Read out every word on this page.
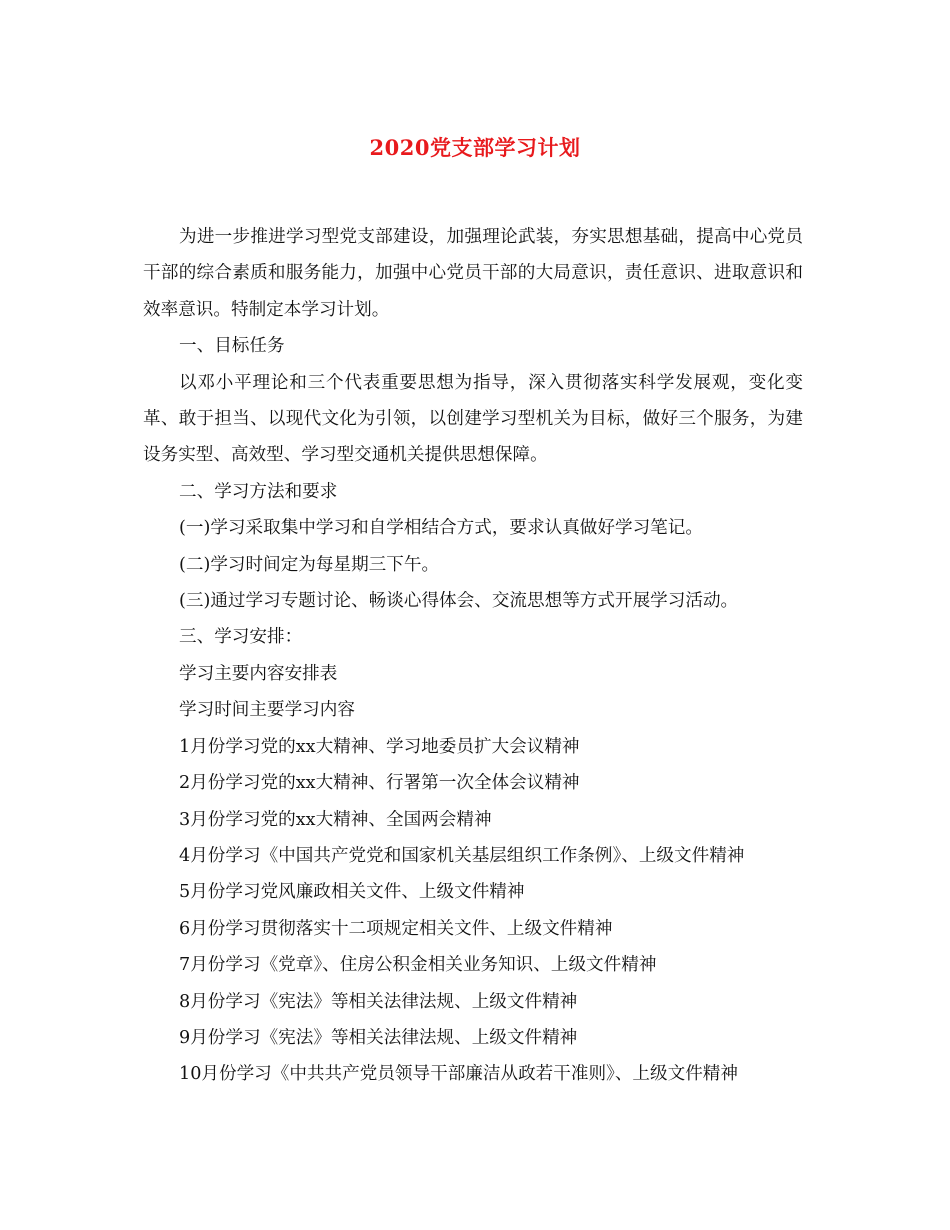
2020党支部学习计划

为进一步推进学习型党支部建设，加强理论武装，夯实思想基础，提高中心党员干部的综合素质和服务能力，加强中心党员干部的大局意识，责任意识、进取意识和效率意识。特制定本学习计划。

一、目标任务

以邓小平理论和三个代表重要思想为指导，深入贯彻落实科学发展观，变化变革、敢于担当、以现代文化为引领，以创建学习型机关为目标，做好三个服务，为建设务实型、高效型、学习型交通机关提供思想保障。

二、学习方法和要求

(一)学习采取集中学习和自学相结合方式，要求认真做好学习笔记。

(二)学习时间定为每星期三下午。

(三)通过学习专题讨论、畅谈心得体会、交流思想等方式开展学习活动。

三、学习安排：

学习主要内容安排表

学习时间主要学习内容

1月份学习党的xx大精神、学习地委员扩大会议精神

2月份学习党的xx大精神、行署第一次全体会议精神

3月份学习党的xx大精神、全国两会精神

4月份学习《中国共产党党和国家机关基层组织工作条例》、上级文件精神

5月份学习党风廉政相关文件、上级文件精神

6月份学习贯彻落实十二项规定相关文件、上级文件精神

7月份学习《党章》、住房公积金相关业务知识、上级文件精神

8月份学习《宪法》等相关法律法规、上级文件精神

9月份学习《宪法》等相关法律法规、上级文件精神

10月份学习《中共共产党员领导干部廉洁从政若干准则》、上级文件精神
